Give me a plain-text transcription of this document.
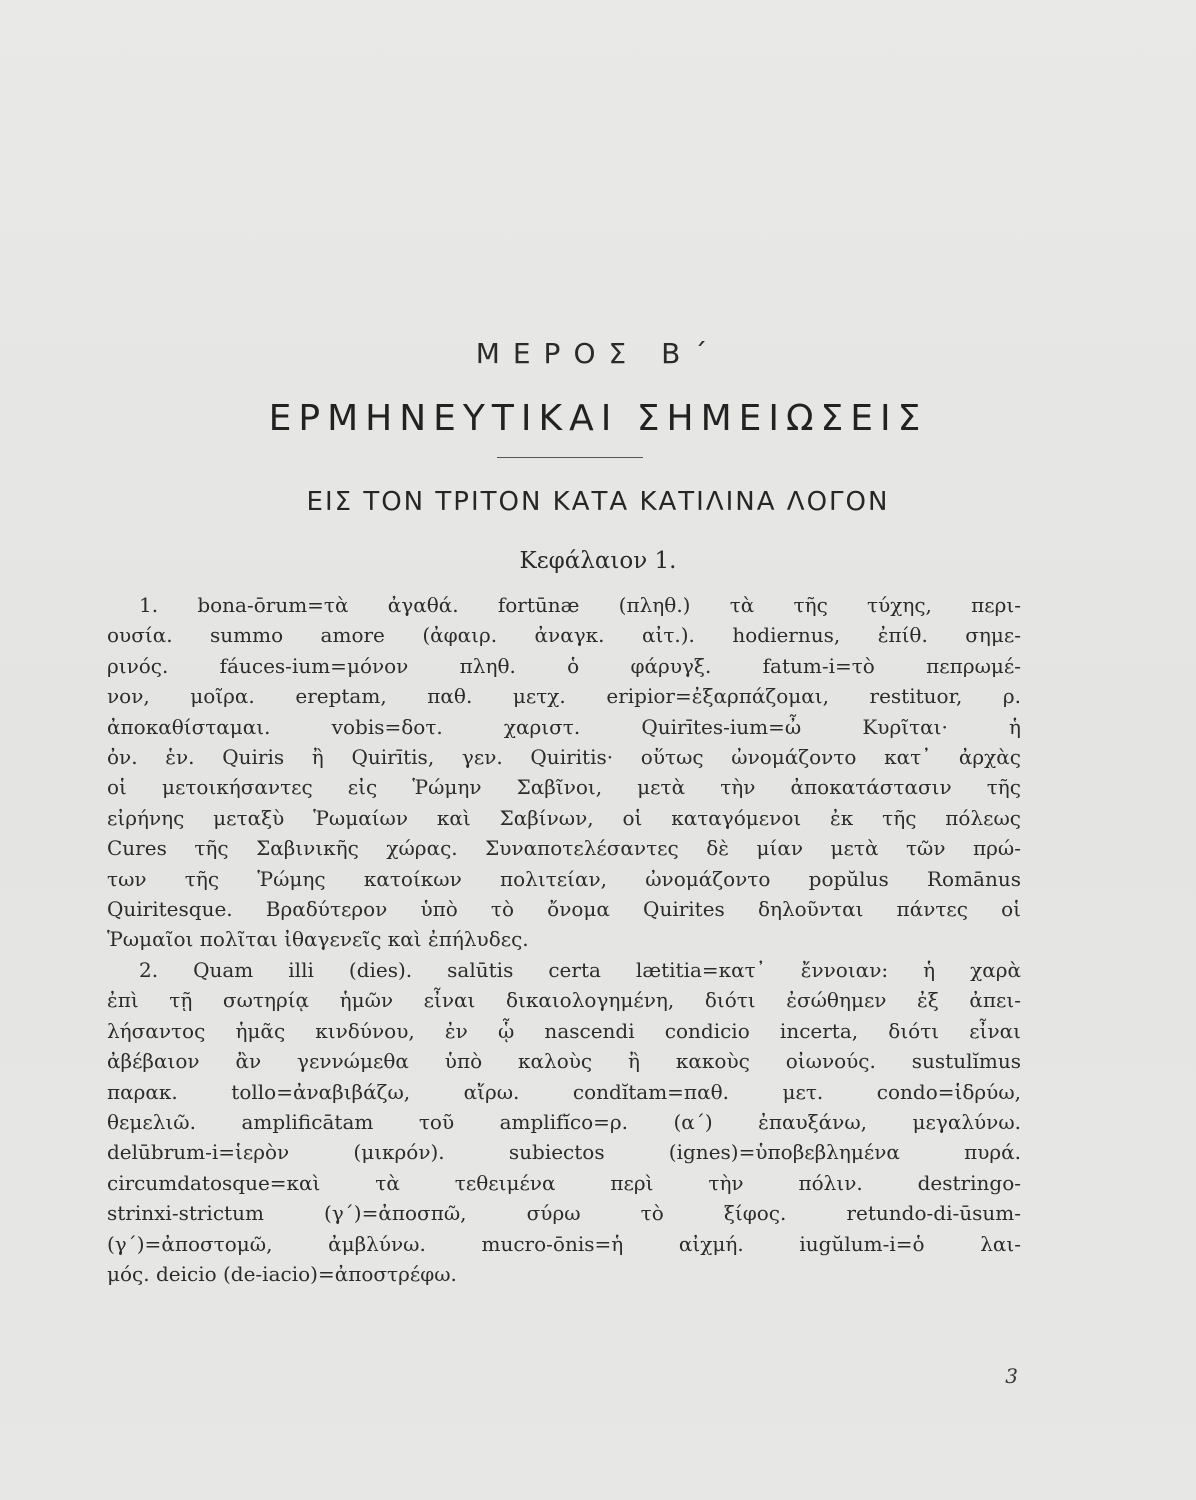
ΜΕΡΟΣ Β΄
ΕΡΜΗΝΕΥΤΙΚΑΙ ΣΗΜΕΙΩΣΕΙΣ
ΕΙΣ ΤΟΝ ΤΡΙΤΟΝ ΚΑΤΑ ΚΑΤΙΛΙΝΑ ΛΟΓΟΝ
Κεφάλαιον 1.
1. bona-ōrum=τὰ ἀγαθά. fortūnæ (πληθ.) τὰ τῆς τύχης, περι-
ουσία. summo amore (ἀφαιρ. ἀναγκ. αἰτ.). hodiernus, ἐπίθ. σημε-
ρινός. fáuces-ium=μόνον πληθ. ὁ φάρυγξ. fatum-i=τὸ πεπρωμέ-
νον, μοῖρα. ereptam, παθ. μετχ. eripior=ἐξαρπάζομαι, restituor, ρ.
ἀποκαθίσταμαι. vobis=δοτ. χαριστ. Quirītes-ium=ὦ Κυρῖται· ἡ
ὀν. ἑν. Quiris ἢ Quirītis, γεν. Quiritis· οὕτως ὠνομάζοντο κατ᾽ ἀρχὰς
οἱ μετοικήσαντες εἰς Ῥώμην Σαβῖνοι, μετὰ τὴν ἀποκατάστασιν τῆς
εἰρήνης μεταξὺ Ῥωμαίων καὶ Σαβίνων, οἱ καταγόμενοι ἐκ τῆς πόλεως
Cures τῆς Σαβινικῆς χώρας. Συναποτελέσαντες δὲ μίαν μετὰ τῶν πρώ-
των τῆς Ῥώμης κατοίκων πολιτείαν, ὠνομάζοντο popŭlus Romānus
Quiritesque. Βραδύτερον ὑπὸ τὸ ὄνομα Quirites δηλοῦνται πάντες οἱ
Ῥωμαῖοι πολῖται ἰθαγενεῖς καὶ ἐπήλυδες.
2. Quam illi (dies). salūtis certa lætitia=κατ᾽ ἔννοιαν: ἡ χαρὰ
ἐπὶ τῇ σωτηρίᾳ ἡμῶν εἶναι δικαιολογημένη, διότι ἐσώθημεν ἐξ ἀπει-
λήσαντος ἡμᾶς κινδύνου, ἐν ᾧ nascendi condicio incerta, διότι εἶναι
ἀβέβαιον ἂν γεννώμεθα ὑπὸ καλοὺς ἢ κακοὺς οἰωνούς. sustulĭmus
παρακ. tollo=ἀναβιβάζω, αἴρω. condĭtam=παθ. μετ. condo=ἱδρύω,
θεμελιῶ. amplificātam τοῦ amplifĭco=ρ. (α΄) ἐπαυξάνω, μεγαλύνω.
delūbrum-i=ἱερὸν (μικρόν). subiectos (ignes)=ὑποβεβλημένα πυρά.
circumdatosque=καὶ τὰ τεθειμένα περὶ τὴν πόλιν. destringo-
strinxi-strictum (γ΄)=ἀποσπῶ, σύρω τὸ ξίφος. retundo-di-ūsum-
(γ΄)=ἀποστομῶ, ἀμβλύνω. mucro-ōnis=ἡ αἰχμή. iugŭlum-i=ὁ λαι-
μός. deicio (de-iacio)=ἀποστρέφω.
3
